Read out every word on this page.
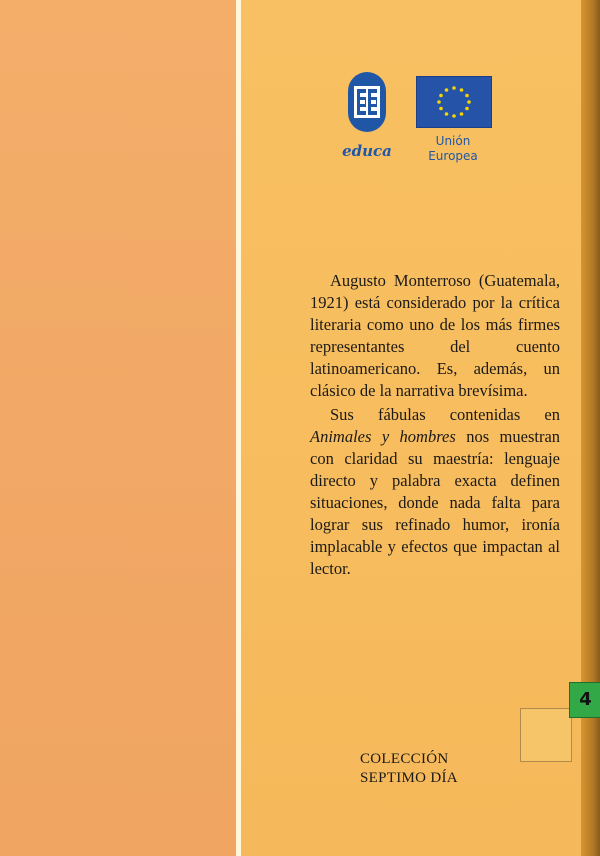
educa
Unión
Europea

Augusto Monterroso (Guatemala, 1921) está considerado por la crítica literaria como uno de los más firmes representantes del cuento latinoamericano. Es, además, un clásico de la narrativa brevísima.

Sus fábulas contenidas en Animales y hombres nos muestran con claridad su maestría: lenguaje directo y palabra exacta definen situaciones, donde nada falta para lograr sus refinado humor, ironía implacable y efectos que impactan al lector.

COLECCIÓN
SEPTIMO DÍA
4
